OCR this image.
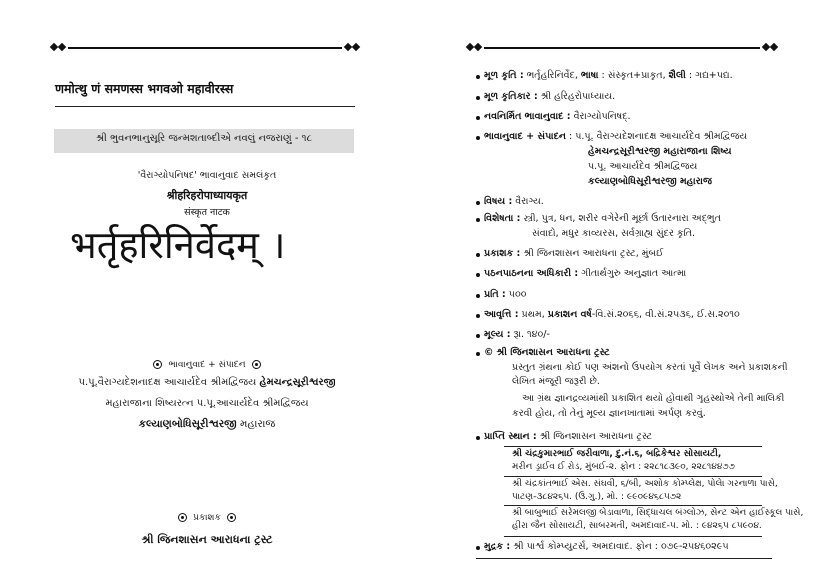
णमोत्थु णं समणस्स भगवओ महावीरस्स
શ્રી ભુવનભાનુસૂરિ જન્મશતાબ્દીએ નવલું નજરાણું - ૧૮
'વૈરાગ્યોપનિષદ' ભાવાનુવાદ સમલંકૃત
श्रीहरिहरोपाध्यायकृत
संस्कृत नाटक
भर्तृहरिनिर्वेदम् ।
ભાવાનુવાદ + સંપાદન
પ.પૂ.વૈરાગ્યદેશનાદક્ષ આચાર્યદેવ શ્રીમદ્વિજય હેમચન્દ્રસૂરીશ્વરજી
મહારાજાના શિષ્યરત્ન પ.પૂ.આચાર્યદેવ શ્રીમદ્વિજય
કલ્યાણબોધિસૂરીશ્વરજી મહારાજ
પ્રકાશક
શ્રી જિનશાસન આરાધના ટ્રસ્ટ
મૂળ કૃતિ : ભર્તૃહરિનિર્વેદ, ભાષા : સંસ્કૃત+પ્રાકૃત, શૈલી : ગદ્ય+પદ્ય.
મૂળ કૃતિકાર : શ્રી હરિહરોપાધ્યાય.
નવનિર્મિત ભાવાનુવાદ : વૈરાગ્યોપનિષદ્.
ભાવાનુવાદ + સંપાદન : પ.પૂ. વૈરાગ્યદેશનાદક્ષ આચાર્યદેવ શ્રીમદ્વિજય
હેમચન્દ્રસૂરીશ્વરજી મહારાજાના શિષ્ય
પ.પૂ. આચાર્યદેવ શ્રીમદ્વિજય
કલ્યાણબોધિસૂરીશ્વરજી મહારાજ
વિષય : વૈરાગ્ય.
વિશેષતા : સ્ત્રી, પુત્ર, ધન, શરીર વગેરેની મૂર્છા ઉતારનારા અદ્ભુત
સંવાદો, મધુર કાવ્યરસ, સર્વગ્રાહ્ય સુંદર કૃતિ.
પ્રકાશક : શ્રી જિનશાસન આરાધના ટ્રસ્ટ, મુંબઈ
પઠનપાઠનના અધિકારી : ગીતાર્થગુરુ અનુજ્ઞાત આત્મા
પ્રતિ : ૫૦૦
આવૃત્તિ : પ્રથમ, પ્રકાશન વર્ષ-વિ.સં.૨૦૬૬, વી.સં.૨૫૩૬, ઈ.સ.૨૦૧૦
મૂલ્ય : રૂા. ૧૪૦/-
© શ્રી જિનશાસન આરાધના ટ્રસ્ટ
પ્રસ્તુત ગ્રંથના કોઈ પણ અંશનો ઉપયોગ કરતાં પૂર્વે લેખક અને પ્રકાશકની
લેખિત મંજૂરી જરૂરી છે.
આ ગ્રંથ જ્ઞાનદ્રવ્યમાંથી પ્રકાશિત થયો હોવાથી ગૃહસ્થોએ તેની માલિકી
કરવી હોય, તો તેનું મૂલ્ય જ્ઞાનખાતામાં અર્પણ કરવું.
પ્રાપ્તિ સ્થાન : શ્રી જિનશાસન આરાધના ટ્રસ્ટ
શ્રી ચંદ્રકુમારભાઈ જરીવાળા, દુ.નં.૬, બદ્રિકેશ્વર સોસાયટી,
મરીન ડ્રાઈવ ઈ રોડ, મુંબઈ-૨. ફોન : ૨૨૮૧૮૩૯૦, ૨૨૮૧૪૪૭૭
શ્રી ચંદ્રકાંતભાઈ એસ. સંઘવી, ૬/બી, અશોક કોમ્પ્લેક્ષ, પોલેા ગરનાળા પાસે,
પાટણ-૩૮૪૨૬૫. (ઉ.ગુ.), મો. : ૯૯૦૯૪૬૮૫૭૨
શ્રી બાબુભાઈ સરેમલજી બેડાવાળા, સિદ્ધાચલ બંગ્લોઝ, સેન્ટ એન હાઈસ્કૂલ પાસે,
હીરા જૈન સોસાયટી, સાબરમતી, અમદાવાદ-૫. મો. : ૯૪૨૬૫ ૮૫૯૦૪.
મુદ્રક : શ્રી પાર્શ્વ કોમ્પ્યુટર્સ, અમદાવાદ. ફોન : ૦૭૯-૨૫૪૬૦૨૯૫
